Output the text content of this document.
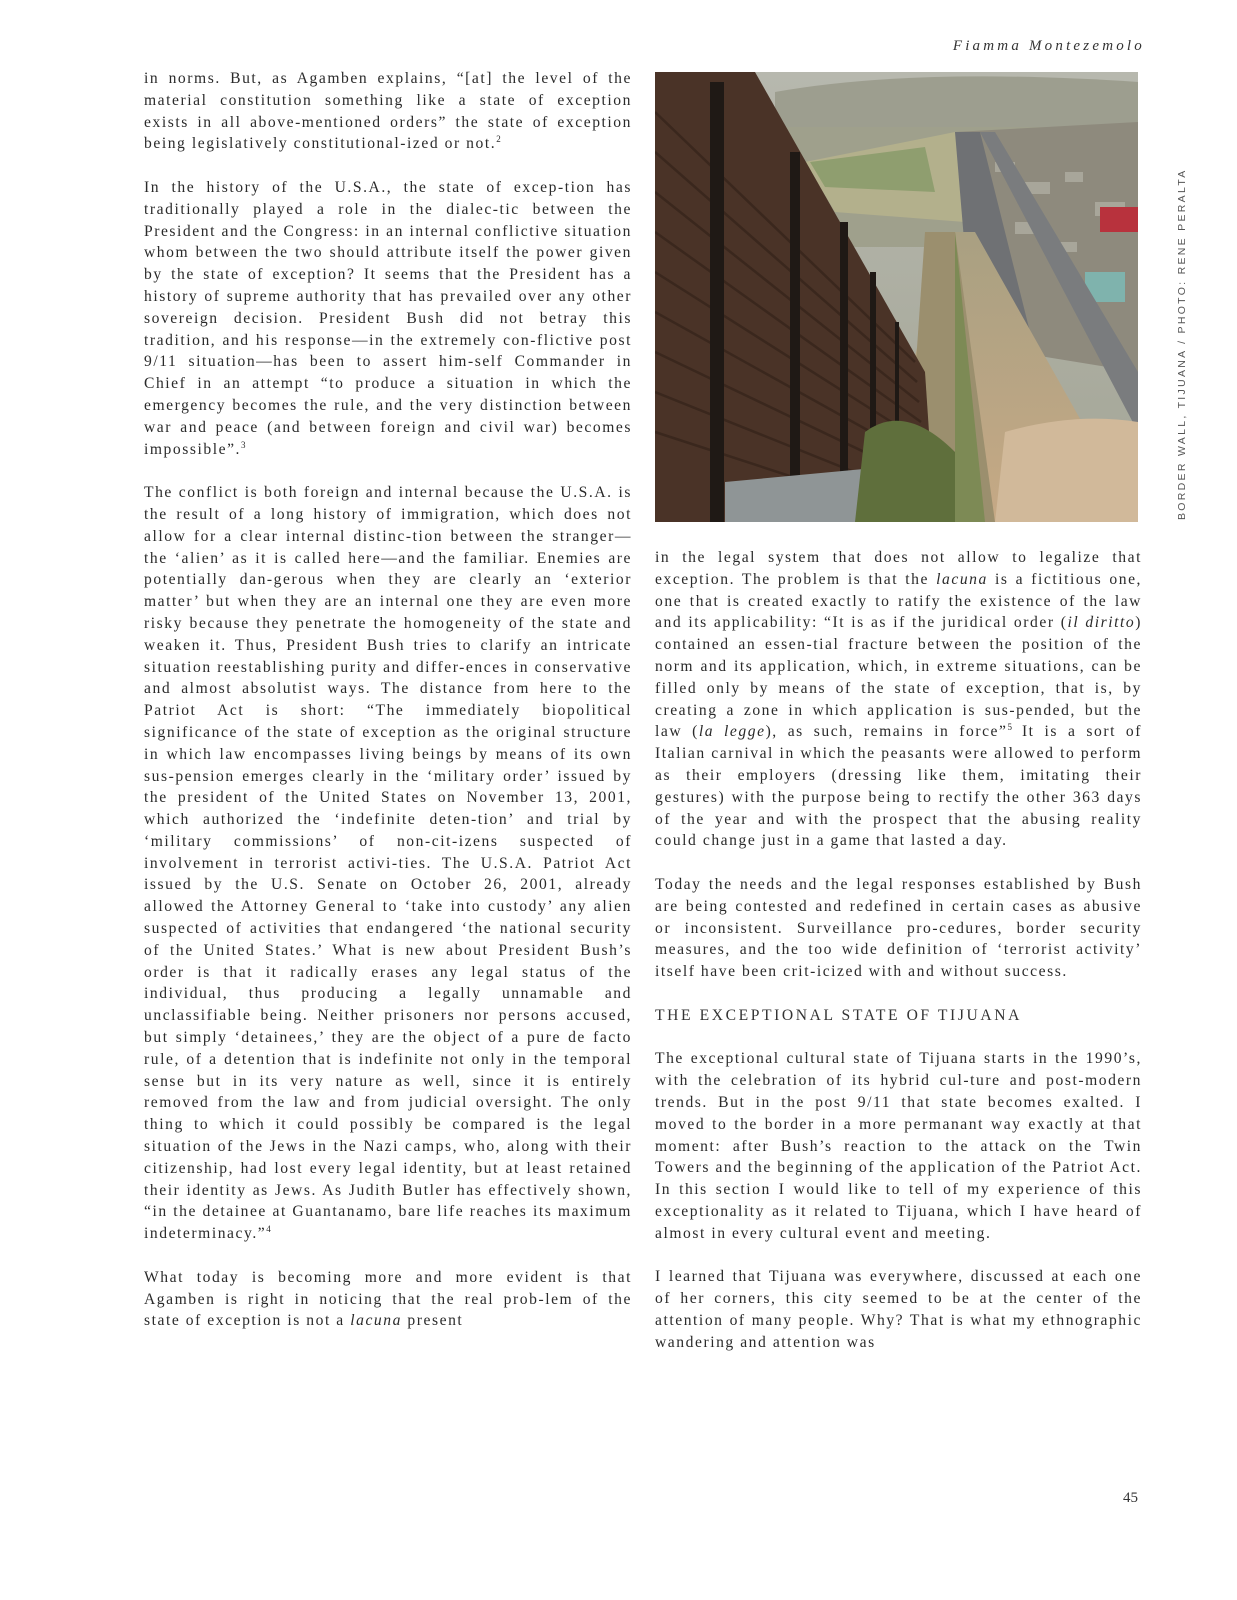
Fiamma Montezemolo

in norms. But, as Agamben explains, “[at] the level of the material constitution something like a state of exception exists in all above-mentioned orders” the state of exception being legislatively constitutional-ized or not.$^2$

In the history of the U.S.A., the state of excep-tion has traditionally played a role in the dialec-tic between the President and the Congress: in an internal conflictive situation whom between the two should attribute itself the power given by the state of exception? It seems that the President has a history of supreme authority that has prevailed over any other sovereign decision. President Bush did not betray this tradition, and his response—in the extremely con-flictive post 9/11 situation—has been to assert him-self Commander in Chief in an attempt “to produce a situation in which the emergency becomes the rule, and the very distinction between war and peace (and between foreign and civil war) becomes impossible”.$^3$

The conflict is both foreign and internal because the U.S.A. is the result of a long history of immigration, which does not allow for a clear internal distinc-tion between the stranger—the ‘alien’ as it is called here—and the familiar. Enemies are potentially dan-gerous when they are clearly an ‘exterior matter’ but when they are an internal one they are even more risky because they penetrate the homogeneity of the state and weaken it. Thus, President Bush tries to clarify an intricate situation reestablishing purity and differ-ences in conservative and almost absolutist ways. The distance from here to the Patriot Act is short: “The immediately biopolitical significance of the state of exception as the original structure in which law encompasses living beings by means of its own sus-pension emerges clearly in the ‘military order’ issued by the president of the United States on November 13, 2001, which authorized the ‘indefinite deten-tion’ and trial by ‘military commissions’ of non-cit-izens suspected of involvement in terrorist activi-ties. The U.S.A. Patriot Act issued by the U.S. Senate on October 26, 2001, already allowed the Attorney General to ‘take into custody’ any alien suspected of activities that endangered ‘the national security of the United States.’ What is new about President Bush’s order is that it radically erases any legal status of the individual, thus producing a legally unnamable and unclassifiable being. Neither prisoners nor persons accused, but simply ‘detainees,’ they are the object of a pure de facto rule, of a detention that is indefinite not only in the temporal sense but in its very nature as well, since it is entirely removed from the law and from judicial oversight. The only thing to which it could possibly be compared is the legal situation of the Jews in the Nazi camps, who, along with their citizenship, had lost every legal identity, but at least retained their identity as Jews. As Judith Butler has effectively shown, “in the detainee at Guantanamo, bare life reaches its maximum indeterminacy.”$^4$

What today is becoming more and more evident is that Agamben is right in noticing that the real prob-lem of the state of exception is not a lacuna present

BORDER WALL, TIJUANA / PHOTO: RENE PERALTA

in the legal system that does not allow to legalize that exception. The problem is that the lacuna is a fictitious one, one that is created exactly to ratify the existence of the law and its applicability: “It is as if the juridical order (il diritto) contained an essen-tial fracture between the position of the norm and its application, which, in extreme situations, can be filled only by means of the state of exception, that is, by creating a zone in which application is sus-pended, but the law (la legge), as such, remains in force”$^5$ It is a sort of Italian carnival in which the peasants were allowed to perform as their employers (dressing like them, imitating their gestures) with the purpose being to rectify the other 363 days of the year and with the prospect that the abusing reality could change just in a game that lasted a day.

Today the needs and the legal responses established by Bush are being contested and redefined in certain cases as abusive or inconsistent. Surveillance pro-cedures, border security measures, and the too wide definition of ‘terrorist activity’ itself have been crit-icized with and without success.

THE EXCEPTIONAL STATE OF TIJUANA

The exceptional cultural state of Tijuana starts in the 1990’s, with the celebration of its hybrid cul-ture and post-modern trends. But in the post 9/11 that state becomes exalted. I moved to the border in a more permanant way exactly at that moment: after Bush’s reaction to the attack on the Twin Towers and the beginning of the application of the Patriot Act. In this section I would like to tell of my experience of this exceptionality as it related to Tijuana, which I have heard of almost in every cultural event and meeting.

I learned that Tijuana was everywhere, discussed at each one of her corners, this city seemed to be at the center of the attention of many people. Why? That is what my ethnographic wandering and attention was

45
